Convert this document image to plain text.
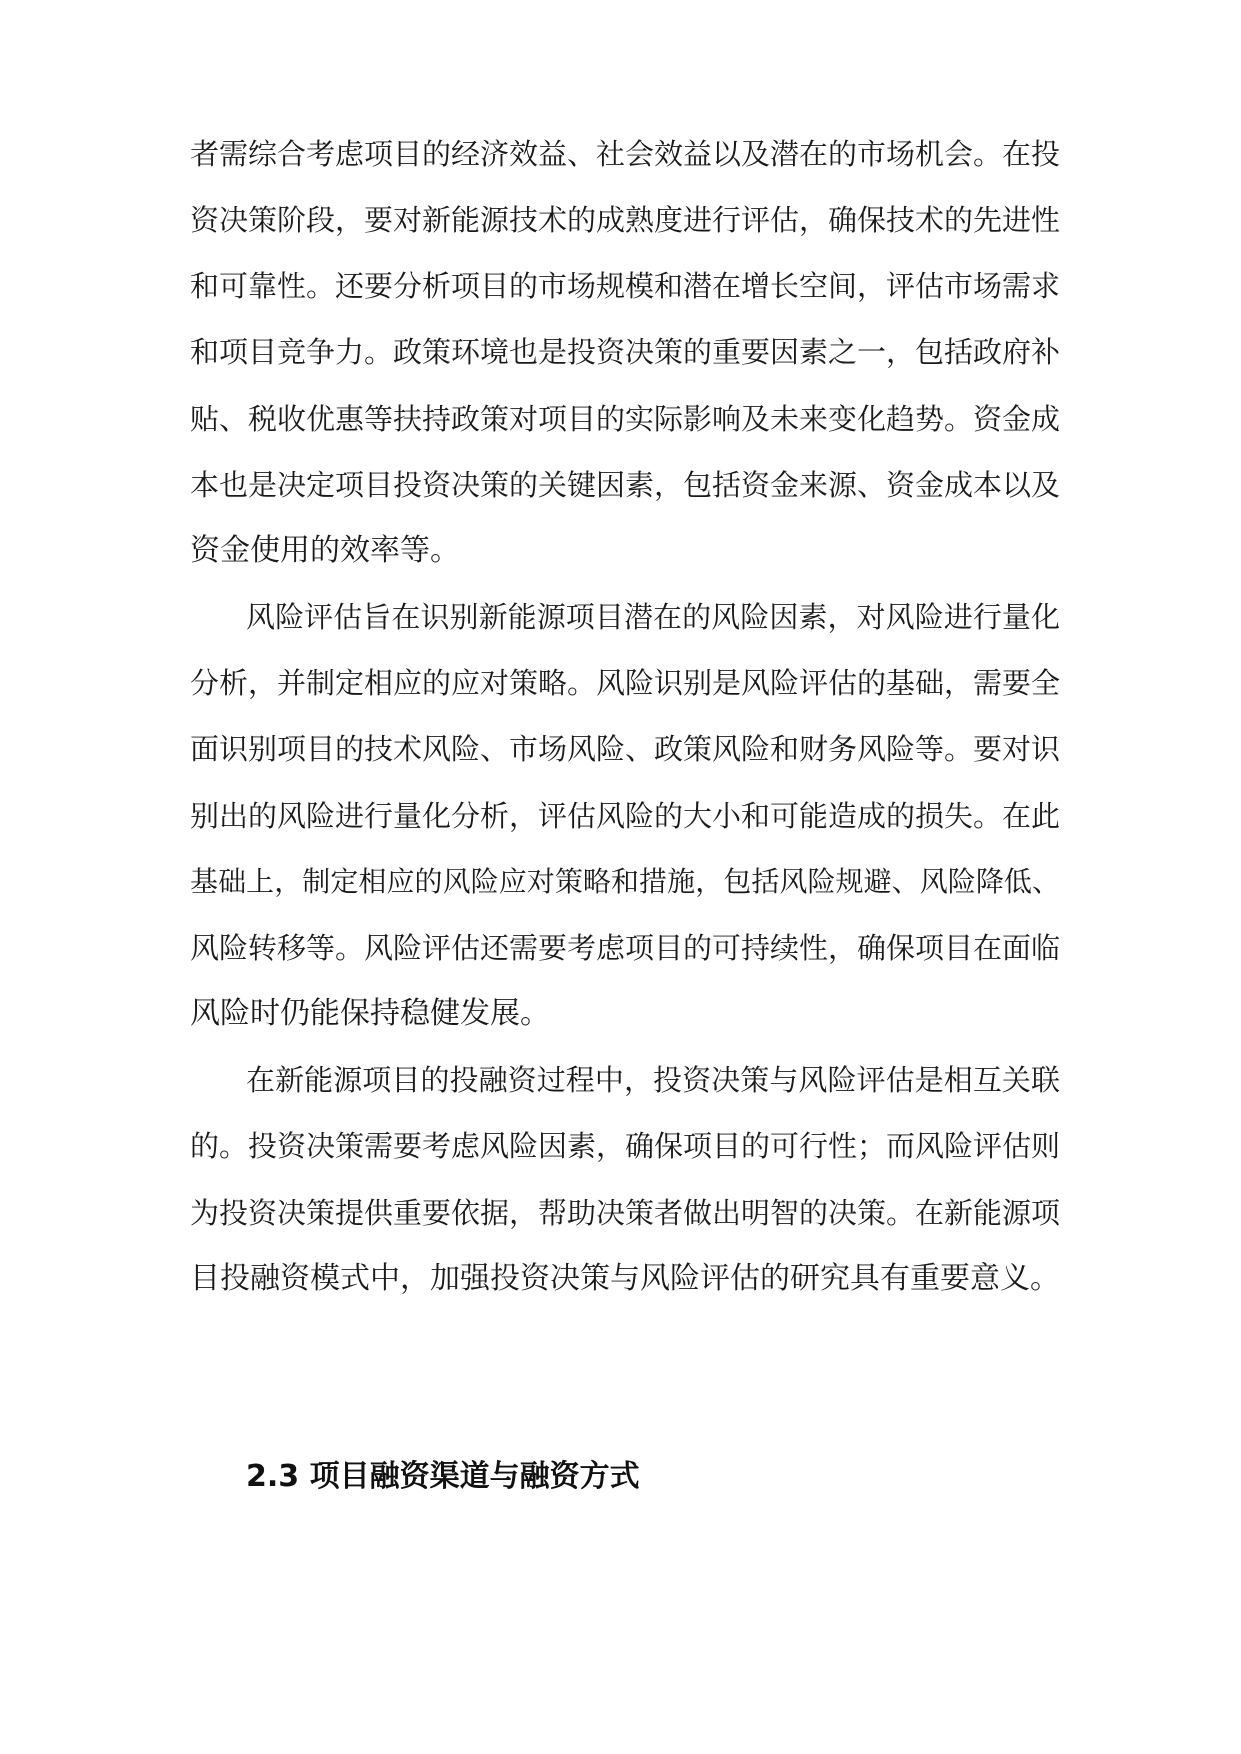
者需综合考虑项目的经济效益、社会效益以及潜在的市场机会。在投
资决策阶段，要对新能源技术的成熟度进行评估，确保技术的先进性
和可靠性。还要分析项目的市场规模和潜在增长空间，评估市场需求
和项目竞争力。政策环境也是投资决策的重要因素之一，包括政府补
贴、税收优惠等扶持政策对项目的实际影响及未来变化趋势。资金成
本也是决定项目投资决策的关键因素，包括资金来源、资金成本以及
资金使用的效率等。
风险评估旨在识别新能源项目潜在的风险因素，对风险进行量化
分析，并制定相应的应对策略。风险识别是风险评估的基础，需要全
面识别项目的技术风险、市场风险、政策风险和财务风险等。要对识
别出的风险进行量化分析，评估风险的大小和可能造成的损失。在此
基础上，制定相应的风险应对策略和措施，包括风险规避、风险降低、
风险转移等。风险评估还需要考虑项目的可持续性，确保项目在面临
风险时仍能保持稳健发展。
在新能源项目的投融资过程中，投资决策与风险评估是相互关联
的。投资决策需要考虑风险因素，确保项目的可行性；而风险评估则
为投资决策提供重要依据，帮助决策者做出明智的决策。在新能源项
目投融资模式中，加强投资决策与风险评估的研究具有重要意义。
2.3 项目融资渠道与融资方式
